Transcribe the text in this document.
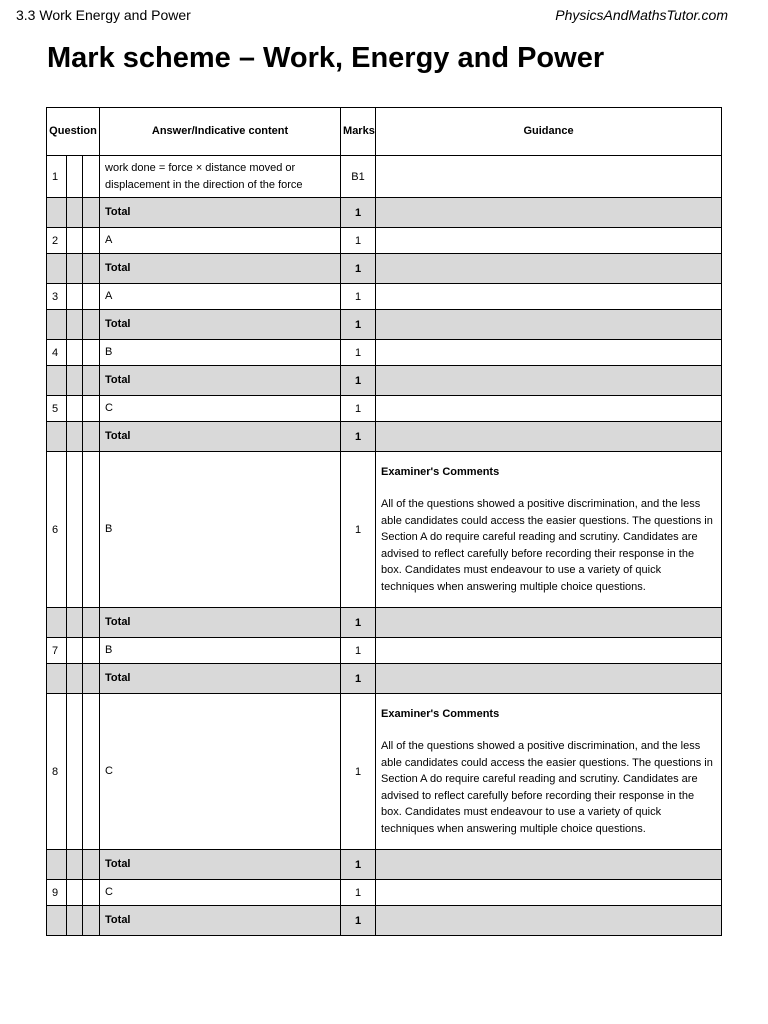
3.3 Work Energy and Power	PhysicsAndMathsTutor.com
Mark scheme – Work, Energy and Power
Question			Answer/Indicative content	Marks	Guidance
1			work done = force × distance moved or displacement in the direction of the force	B1	
			Total	1	
2			A	1	
			Total	1	
3			A	1	
			Total	1	
4			B	1	
			Total	1	
5			C	1	
			Total	1	
6			B	1	Examiner's Comments
All of the questions showed a positive discrimination, and the less able candidates could access the easier questions. The questions in Section A do require careful reading and scrutiny. Candidates are advised to reflect carefully before recording their response in the box. Candidates must endeavour to use a variety of quick techniques when answering multiple choice questions.

			Total	1	
7			B	1	
			Total	1	
8			C	1	Examiner's Comments
All of the questions showed a positive discrimination, and the less able candidates could access the easier questions. The questions in Section A do require careful reading and scrutiny. Candidates are advised to reflect carefully before recording their response in the box. Candidates must endeavour to use a variety of quick techniques when answering multiple choice questions.

			Total	1	
9			C	1	
			Total	1	
